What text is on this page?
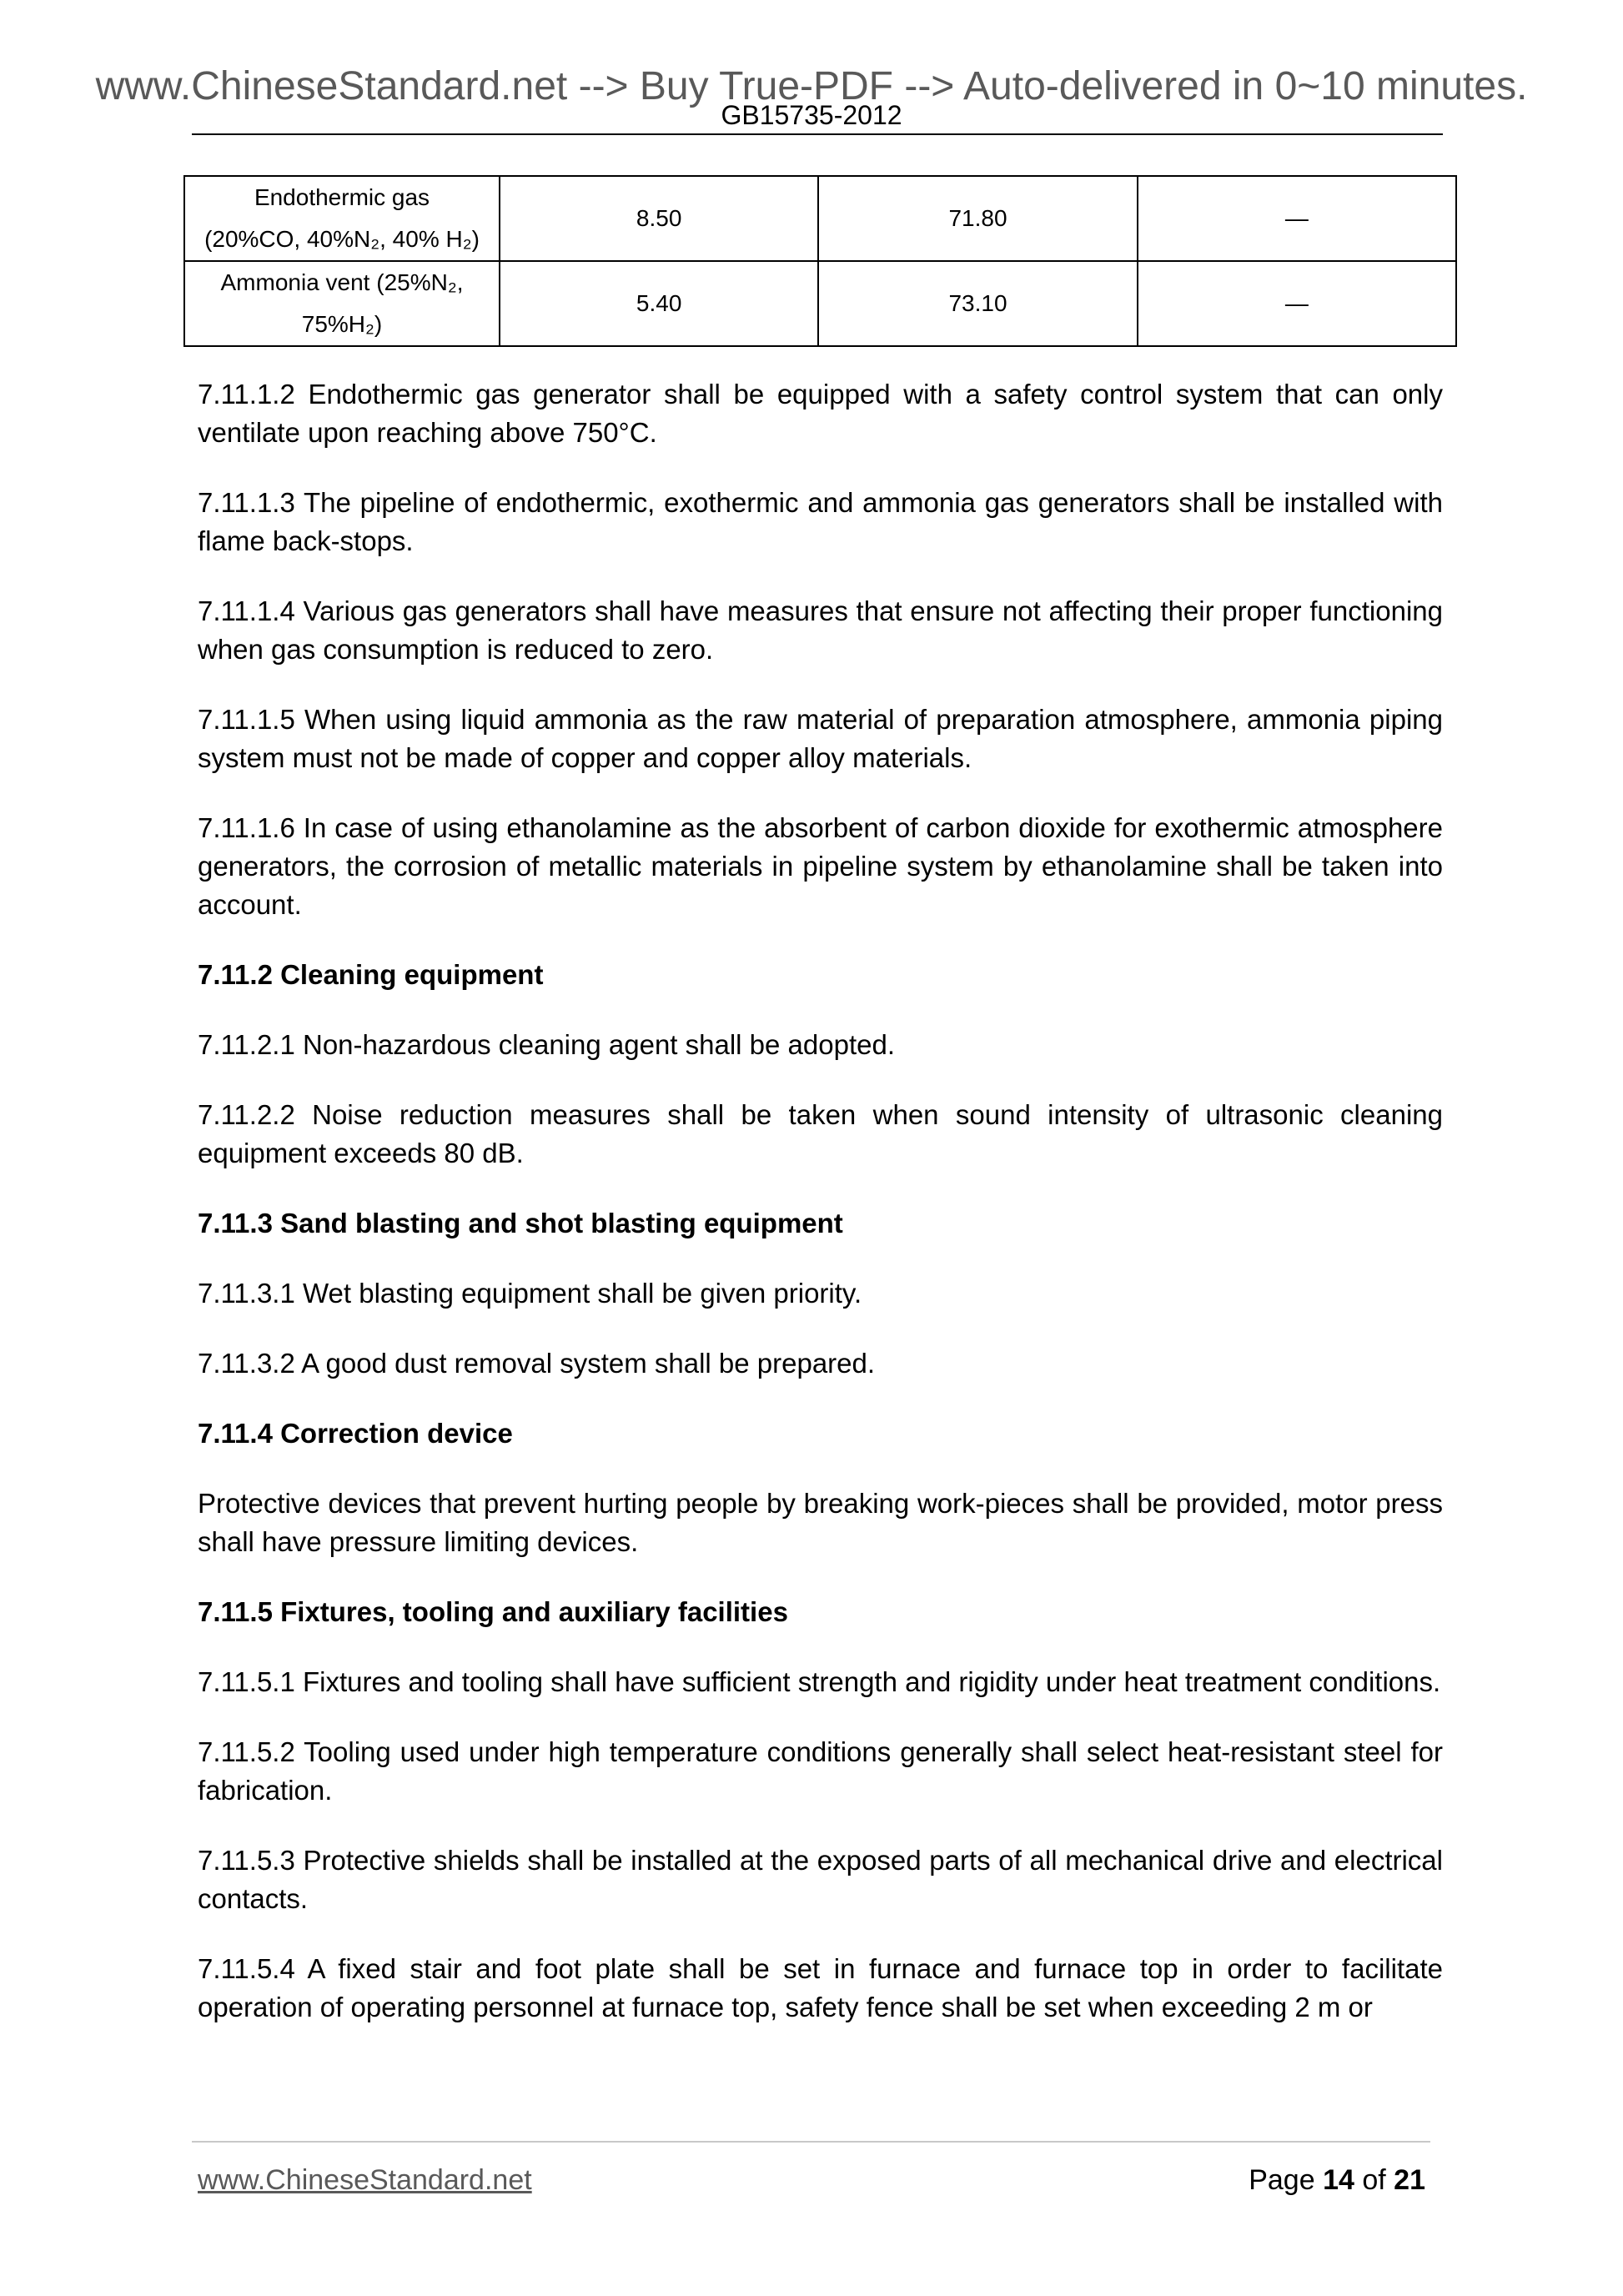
www.ChineseStandard.net --> Buy True-PDF --> Auto-delivered in 0~10 minutes.
GB15735-2012
Endothermic gas
(20%CO, 40%N₂, 40% H₂)	8.50	71.80	—

Ammonia vent (25%N₂,
75%H₂)	5.40	73.10	—

7.11.1.2 Endothermic gas generator shall be equipped with a safety control system that can only ventilate upon reaching above 750°C.

7.11.1.3 The pipeline of endothermic, exothermic and ammonia gas generators shall be installed with flame back-stops.

7.11.1.4 Various gas generators shall have measures that ensure not affecting their proper functioning when gas consumption is reduced to zero.

7.11.1.5 When using liquid ammonia as the raw material of preparation atmosphere, ammonia piping system must not be made of copper and copper alloy materials.

7.11.1.6 In case of using ethanolamine as the absorbent of carbon dioxide for exothermic atmosphere generators, the corrosion of metallic materials in pipeline system by ethanolamine shall be taken into account.

7.11.2 Cleaning equipment

7.11.2.1 Non-hazardous cleaning agent shall be adopted.

7.11.2.2 Noise reduction measures shall be taken when sound intensity of ultrasonic cleaning equipment exceeds 80 dB.

7.11.3 Sand blasting and shot blasting equipment

7.11.3.1 Wet blasting equipment shall be given priority.

7.11.3.2 A good dust removal system shall be prepared.

7.11.4 Correction device

Protective devices that prevent hurting people by breaking work-pieces shall be provided, motor press shall have pressure limiting devices.

7.11.5 Fixtures, tooling and auxiliary facilities

7.11.5.1 Fixtures and tooling shall have sufficient strength and rigidity under heat treatment conditions.

7.11.5.2 Tooling used under high temperature conditions generally shall select heat-resistant steel for fabrication.

7.11.5.3 Protective shields shall be installed at the exposed parts of all mechanical drive and electrical contacts.

7.11.5.4 A fixed stair and foot plate shall be set in furnace and furnace top in order to facilitate operation of operating personnel at furnace top, safety fence shall be set when exceeding 2 m or

www.ChineseStandard.net	Page 14 of 21
